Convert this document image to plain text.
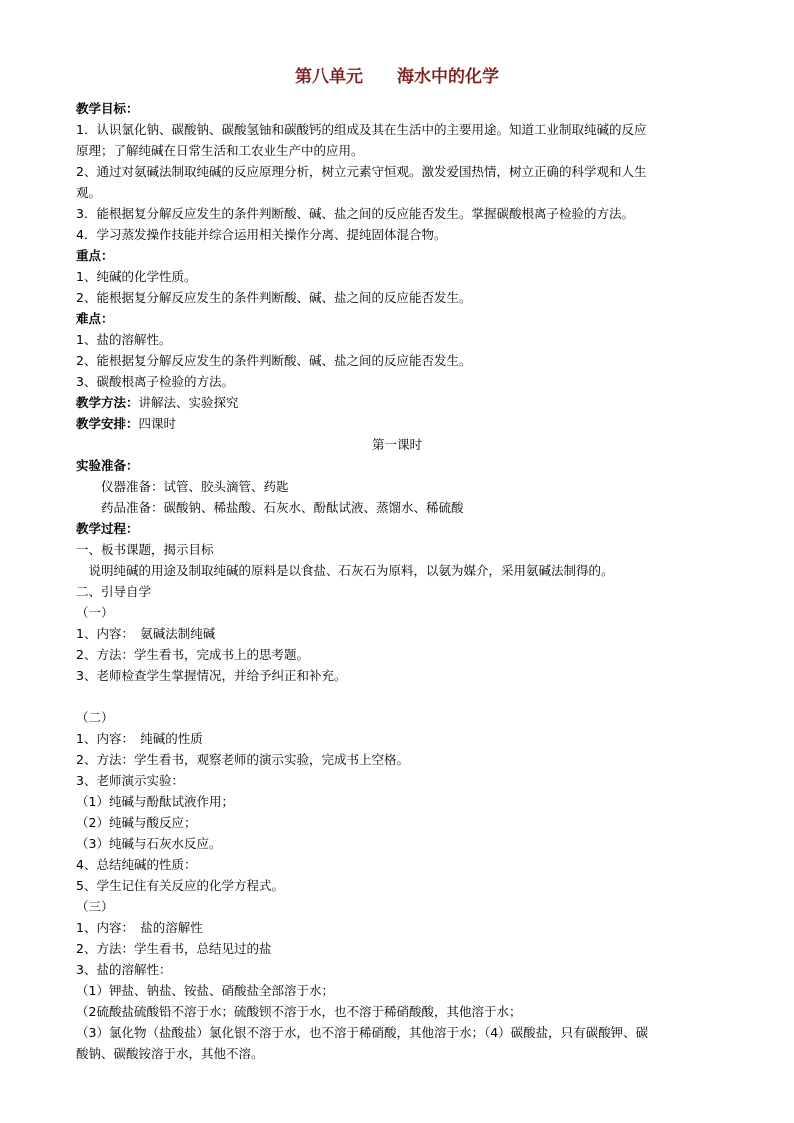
第八单元　　海水中的化学
教学目标：
1．认识氯化钠、碳酸钠、碳酸氢铀和碳酸钙的组成及其在生活中的主要用途。知道工业制取纯碱的反应
原理；了解纯碱在日常生活和工农业生产中的应用。
2、通过对氨碱法制取纯碱的反应原理分析，树立元素守恒观。激发爱国热情，树立正确的科学观和人生
观。
3．能根据复分解反应发生的条件判断酸、碱、盐之间的反应能否发生。掌握碳酸根离子检验的方法。
4．学习蒸发操作技能并综合运用相关操作分离、提纯固体混合物。
重点：
1、纯碱的化学性质。
2、能根据复分解反应发生的条件判断酸、碱、盐之间的反应能否发生。
难点：
1、盐的溶解性。
2、能根据复分解反应发生的条件判断酸、碱、盐之间的反应能否发生。
3、碳酸根离子检验的方法。
教学方法：讲解法、实验探究
教学安排：四课时
第一课时
实验准备：
　　仪器准备：试管、胶头滴管、药匙
　　药品准备：碳酸钠、稀盐酸、石灰水、酚酞试液、蒸馏水、稀硫酸
教学过程：
一、板书课题，揭示目标
　说明纯碱的用途及制取纯碱的原料是以食盐、石灰石为原料，以氨为媒介，采用氨碱法制得的。
二、引导自学
（一）
1、内容：　氨碱法制纯碱
2、方法：学生看书，完成书上的思考题。
3、老师检查学生掌握情况，并给予纠正和补充。
（二）
1、内容：　纯碱的性质
2、方法：学生看书，观察老师的演示实验，完成书上空格。
3、老师演示实验：
（1）纯碱与酚酞试液作用；
（2）纯碱与酸反应；
（3）纯碱与石灰水反应。
4、总结纯碱的性质：
5、学生记住有关反应的化学方程式。
（三）
1、内容：　盐的溶解性
2、方法：学生看书，总结见过的盐
3、盐的溶解性：
（1）钾盐、钠盐、铵盐、硝酸盐全部溶于水；
（2硫酸盐硫酸铅不溶于水；硫酸钡不溶于水，也不溶于稀硝酸酸，其他溶于水；
（3）氯化物（盐酸盐）氯化银不溶于水，也不溶于稀硝酸，其他溶于水；（4）碳酸盐，只有碳酸钾、碳
酸钠、碳酸铵溶于水，其他不溶。
